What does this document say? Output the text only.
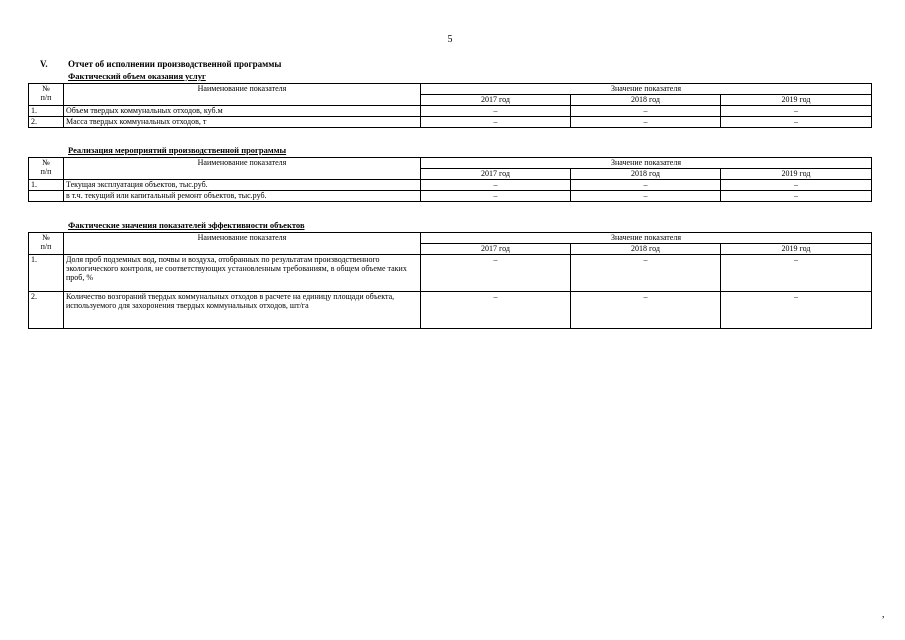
5
V. Отчет об исполнении производственной программы
Фактический объем оказания услуг
№
п/п	Наименование показателя	Значение показателя		
		2017 год	2018 год	2019 год
1.	Объем твердых коммунальных отходов, куб.м	–	–	–
2.	Масса твердых коммунальных отходов, т	–	–	–
Реализация мероприятий производственной программы
№
п/п	Наименование показателя	Значение показателя		
		2017 год	2018 год	2019 год
1.	Текущая эксплуатация объектов, тыс.руб.	–	–	–
	в т.ч. текущий или капитальный ремонт объектов, тыс.руб.	–	–	–
Фактические значения показателей эффективности объектов
№
п/п	Наименование показателя	Значение показателя		
		2017 год	2018 год	2019 год
1.	Доля проб подземных вод, почвы и воздуха, отобранных по результатам производственного экологического контроля, не соответствующих установленным требованиям, в общем объеме таких проб, %	–	–	–
2.	Количество возгораний твердых коммунальных отходов в расчете на единицу площади объекта, используемого для захоронения твердых коммунальных отходов, шт/га	–	–	–
,
